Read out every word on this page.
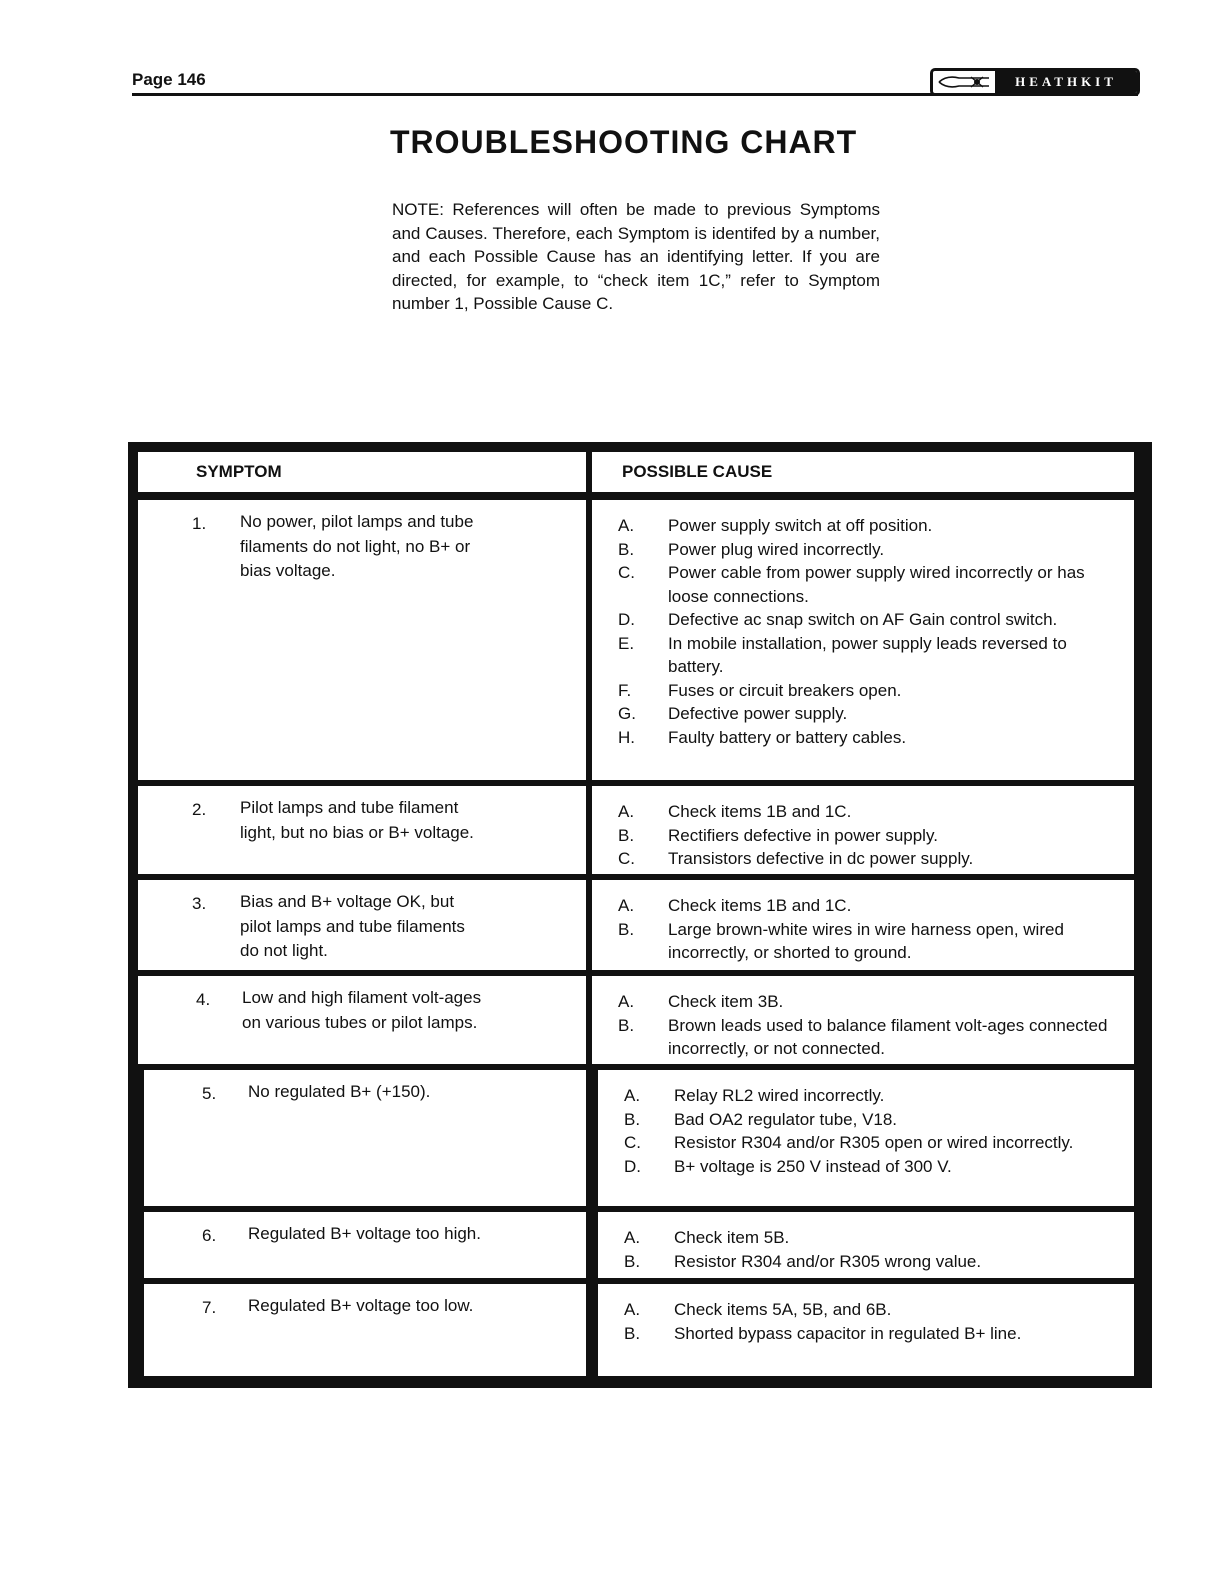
Page 146	HEATHKIT
TROUBLESHOOTING CHART
NOTE: References will often be made to previous Symptoms and Causes. Therefore, each Symptom is identifed by a number, and each Possible Cause has an identifying letter. If you are directed, for example, to “check item 1C,” refer to Symptom number 1, Possible Cause C.
SYMPTOM	POSSIBLE CAUSE
1. No power, pilot lamps and tube filaments do not light, no B+ or bias voltage.
A.	Power supply switch at off position.
B.	Power plug wired incorrectly.
C.	Power cable from power supply wired incorrectly or has loose connections.
D.	Defective ac snap switch on AF Gain control switch.
E.	In mobile installation, power supply leads reversed to battery.
F.	Fuses or circuit breakers open.
G.	Defective power supply.
H.	Faulty battery or battery cables.
2. Pilot lamps and tube filament light, but no bias or B+ voltage.
A.	Check items 1B and 1C.
B.	Rectifiers defective in power supply.
C.	Transistors defective in dc power supply.
3. Bias and B+ voltage OK, but pilot lamps and tube filaments do not light.
A.	Check items 1B and 1C.
B.	Large brown-white wires in wire harness open, wired incorrectly, or shorted to ground.
4. Low and high filament volt-ages on various tubes or pilot lamps.
A.	Check item 3B.
B.	Brown leads used to balance filament volt-ages connected incorrectly, or not connected.
5. No regulated B+ (+150).	A.	Relay RL2 wired incorrectly.
B.	Bad OA2 regulator tube, V18.
C.	Resistor R304 and/or R305 open or wired incorrectly.
D.	B+ voltage is 250 V instead of 300 V.
6. Regulated B+ voltage too high.	A.	Check item 5B.
B.	Resistor R304 and/or R305 wrong value.
7. Regulated B+ voltage too low.	A.	Check items 5A, 5B, and 6B.
B.	Shorted bypass capacitor in regulated B+ line.
